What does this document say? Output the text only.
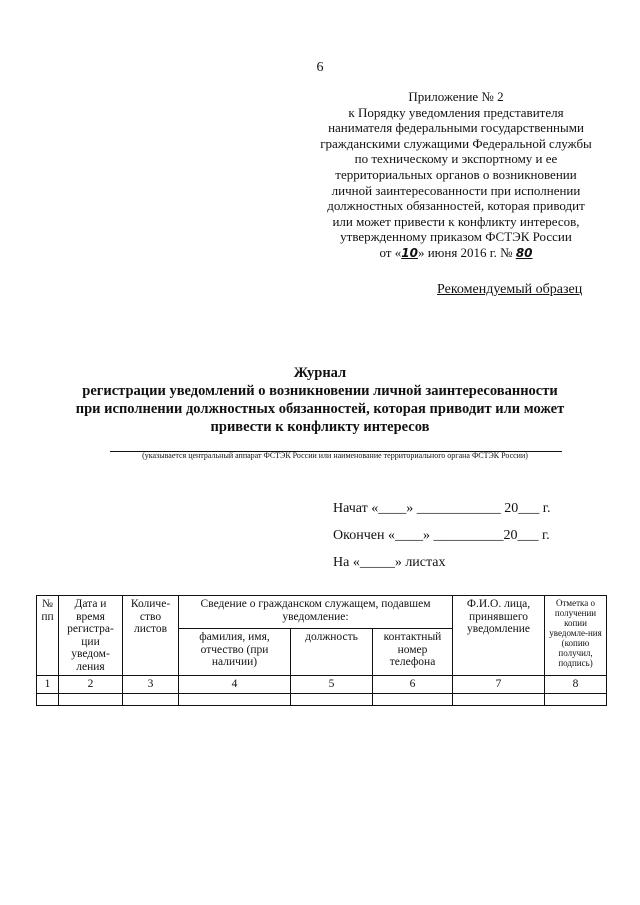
6
Приложение № 2
к Порядку уведомления представителя
нанимателя федеральными государственными
гражданскими служащими Федеральной службы
по техническому и экспортному и ее
территориальных органов о возникновении
личной заинтересованности при исполнении
должностных обязанностей, которая приводит
или может привести к конфликту интересов,
утвержденному приказом ФСТЭК России
от «10» июня 2016 г. № 80
Рекомендуемый образец
Журнал
регистрации уведомлений о возникновении личной заинтересованности
при исполнении должностных обязанностей, которая приводит или может
привести к конфликту интересов
(указывается центральный аппарат ФСТЭК России или наименование территориального органа ФСТЭК России)
Начат «____» ____________ 20___ г.
Окончен «____» __________20___ г.
На «_____» листах
№ пп	Дата и время регистра-ции уведом-ления	Количе-ство листов	Сведение о гражданском служащем, подавшем уведомление:			Ф.И.О. лица, принявшего уведомление	Отметка о получении копии уведомле-ния (копию получил, подпись)
			фамилия, имя, отчество (при наличии)	должность	контактный номер телефона		
1	2	3	4	5	6	7	8
